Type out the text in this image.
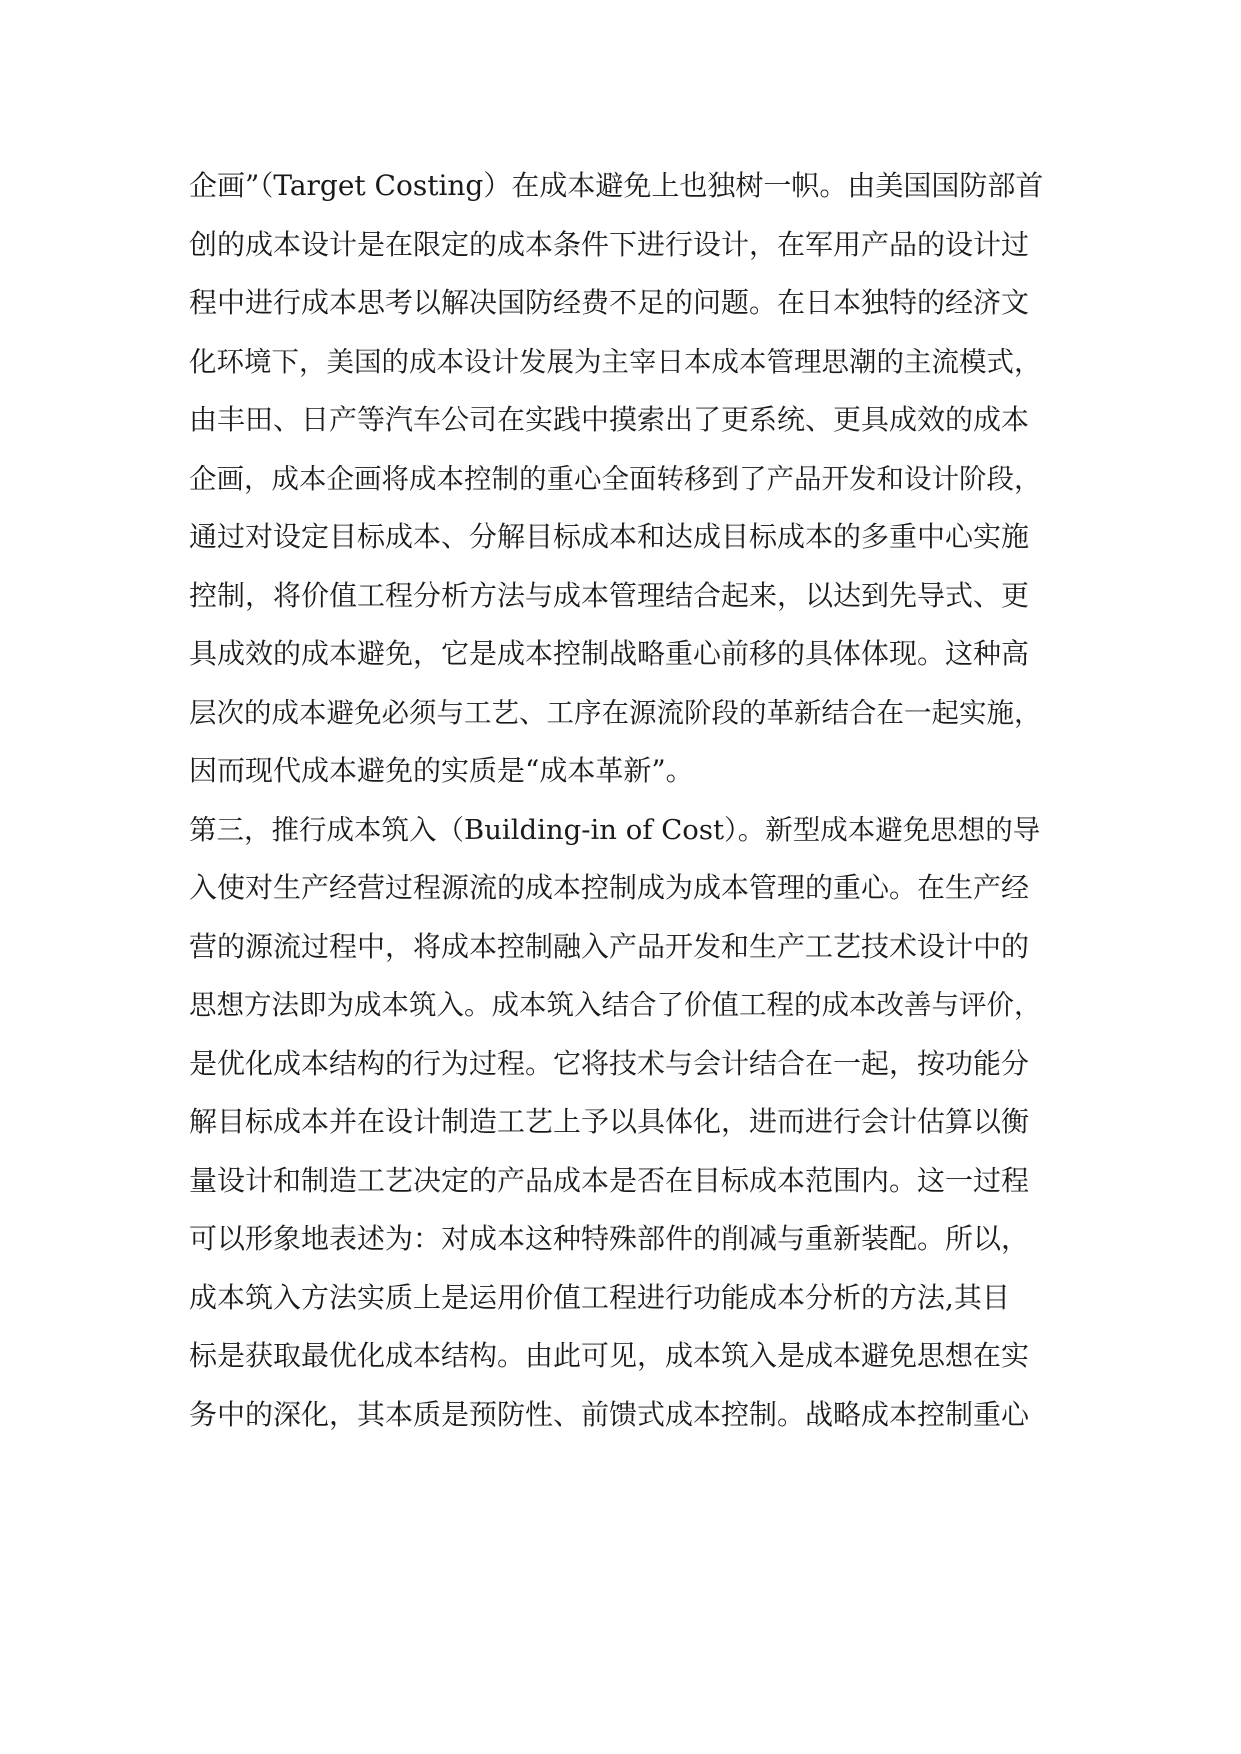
企画”（Target Costing）在成本避免上也独树一帜。由美国国防部首
创的成本设计是在限定的成本条件下进行设计，在军用产品的设计过
程中进行成本思考以解决国防经费不足的问题。在日本独特的经济文
化环境下，美国的成本设计发展为主宰日本成本管理思潮的主流模式，
由丰田、日产等汽车公司在实践中摸索出了更系统、更具成效的成本
企画，成本企画将成本控制的重心全面转移到了产品开发和设计阶段，
通过对设定目标成本、分解目标成本和达成目标成本的多重中心实施
控制，将价值工程分析方法与成本管理结合起来，以达到先导式、更
具成效的成本避免，它是成本控制战略重心前移的具体体现。这种高
层次的成本避免必须与工艺、工序在源流阶段的革新结合在一起实施，
因而现代成本避免的实质是“成本革新”。
第三，推行成本筑入（Building-in of Cost）。新型成本避免思想的导
入使对生产经营过程源流的成本控制成为成本管理的重心。在生产经
营的源流过程中，将成本控制融入产品开发和生产工艺技术设计中的
思想方法即为成本筑入。成本筑入结合了价值工程的成本改善与评价，
是优化成本结构的行为过程。它将技术与会计结合在一起，按功能分
解目标成本并在设计制造工艺上予以具体化，进而进行会计估算以衡
量设计和制造工艺决定的产品成本是否在目标成本范围内。这一过程
可以形象地表述为：对成本这种特殊部件的削减与重新装配。所以，
成本筑入方法实质上是运用价值工程进行功能成本分析的方法,其目
标是获取最优化成本结构。由此可见，成本筑入是成本避免思想在实
务中的深化，其本质是预防性、前馈式成本控制。战略成本控制重心
